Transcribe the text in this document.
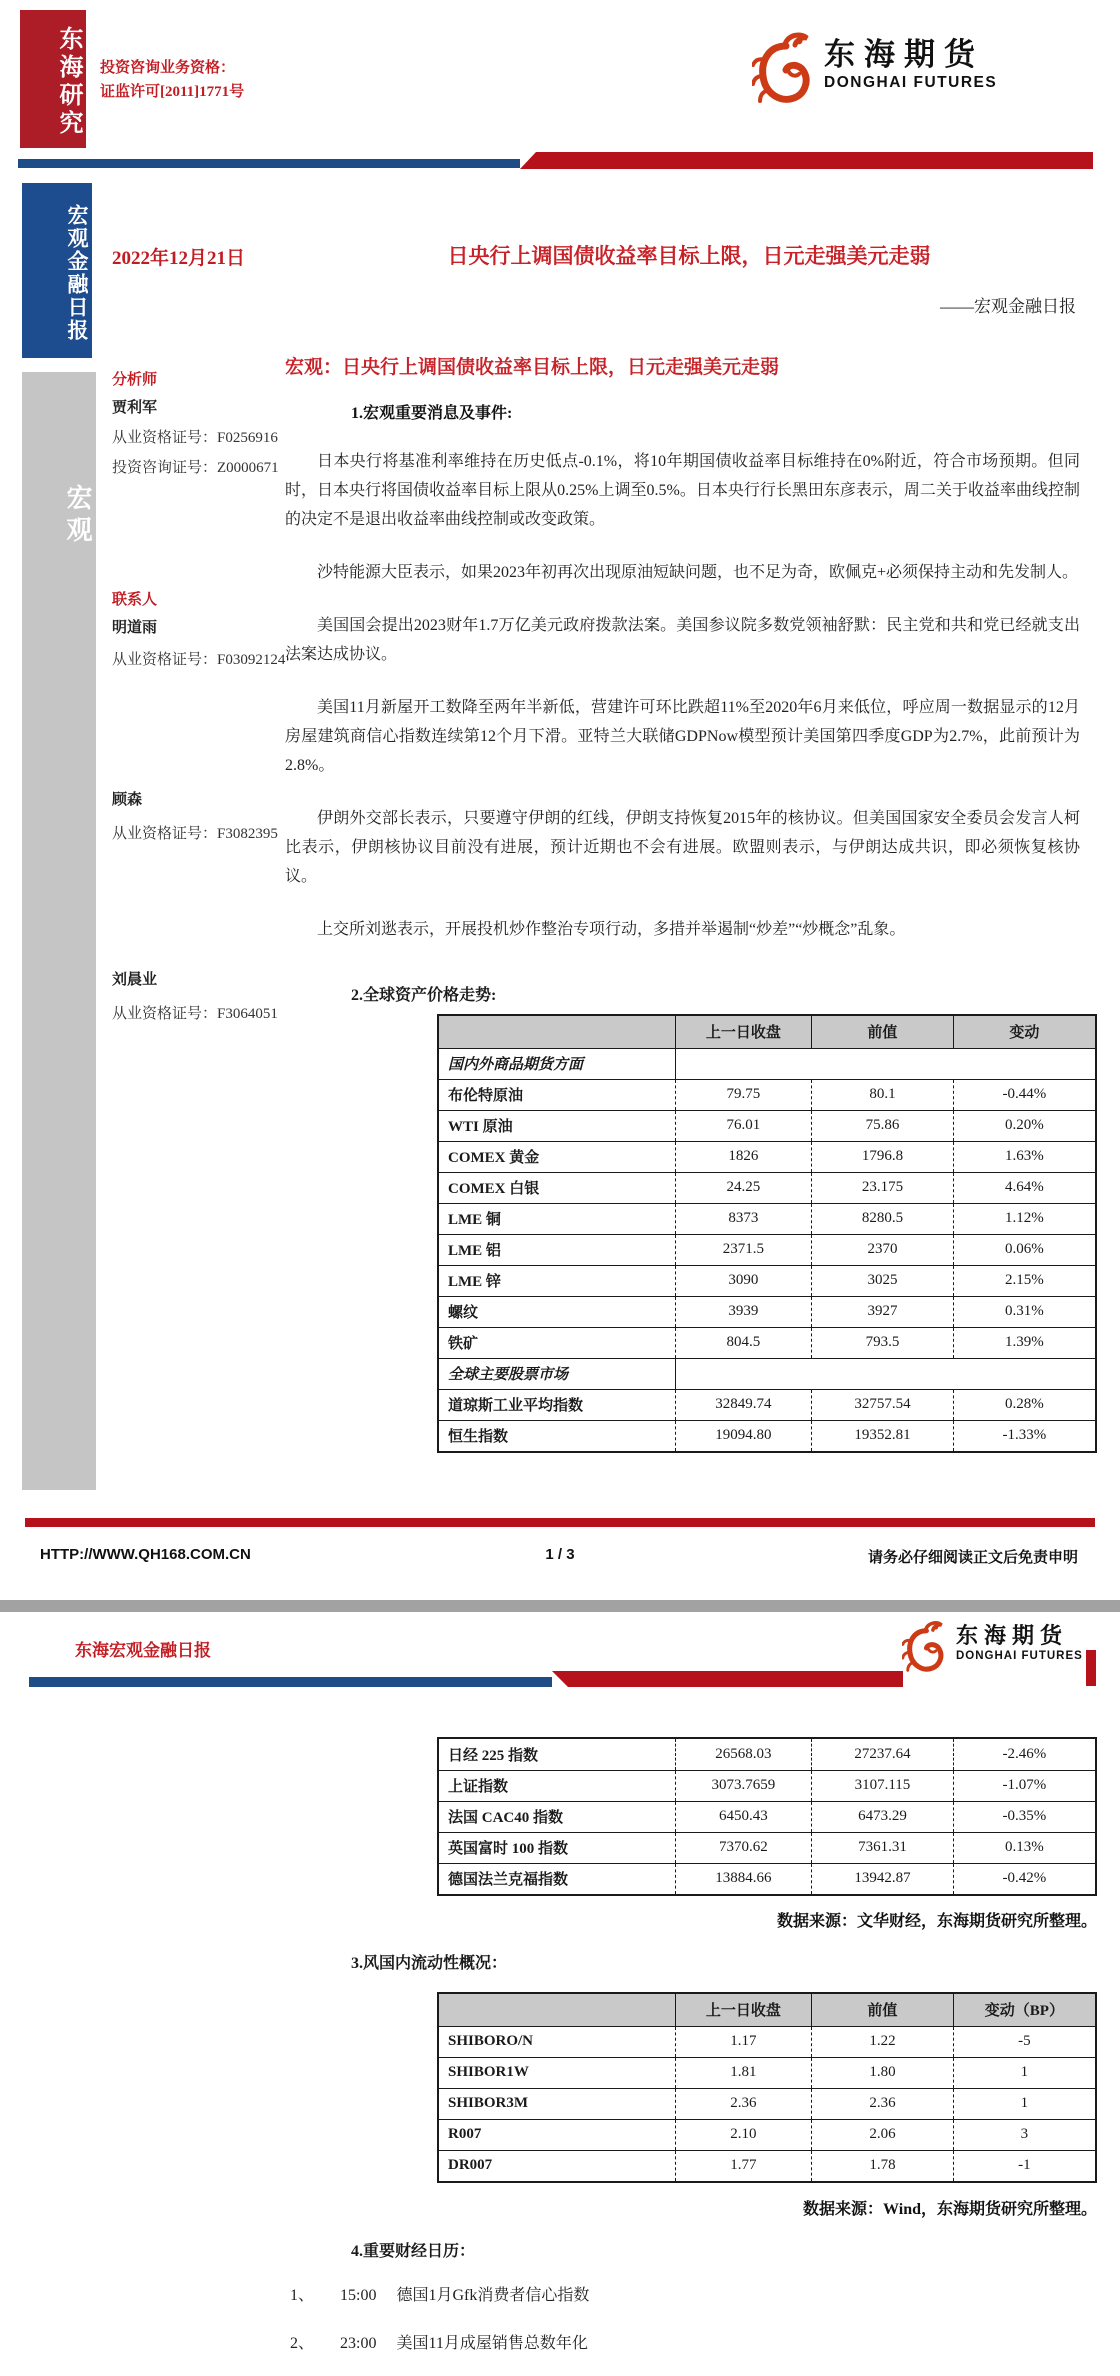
东海研究	投资咨询业务资格：
证监许可[2011]1771号
东海期货
DONGHAI FUTURES
宏观金融日报
宏观
2022年12月21日	日央行上调国债收益率目标上限，日元走强美元走弱
——宏观金融日报
宏观：日央行上调国债收益率目标上限，日元走强美元走弱
分析师
贾利军
从业资格证号：F0256916
投资咨询证号：Z0000671
联系人
明道雨
从业资格证号：F03092124
顾森
从业资格证号：F3082395
刘晨业
从业资格证号：F3064051
1.宏观重要消息及事件:

日本央行将基准利率维持在历史低点-0.1%，将10年期国债收益率目标维持在0%附近，符合市场预期。但同时，日本央行将国债收益率目标上限从0.25%上调至0.5%。日本央行行长黑田东彦表示，周二关于收益率曲线控制的决定不是退出收益率曲线控制或改变政策。

沙特能源大臣表示，如果2023年初再次出现原油短缺问题，也不足为奇，欧佩克+必须保持主动和先发制人。

美国国会提出2023财年1.7万亿美元政府拨款法案。美国参议院多数党领袖舒默：民主党和共和党已经就支出法案达成协议。

美国11月新屋开工数降至两年半新低，营建许可环比跌超11%至2020年6月来低位，呼应周一数据显示的12月房屋建筑商信心指数连续第12个月下滑。亚特兰大联储GDPNow模型预计美国第四季度GDP为2.7%，此前预计为2.8%。

伊朗外交部长表示，只要遵守伊朗的红线，伊朗支持恢复2015年的核协议。但美国国家安全委员会发言人柯比表示，伊朗核协议目前没有进展，预计近期也不会有进展。欧盟则表示，与伊朗达成共识，即必须恢复核协议。

上交所刘逖表示，开展投机炒作整治专项行动，多措并举遏制“炒差”“炒概念”乱象。

2.全球资产价格走势:
	上一日收盘	前值	变动
国内外商品期货方面			
布伦特原油	79.75	80.1	-0.44%
WTI 原油	76.01	75.86	0.20%
COMEX 黄金	1826	1796.8	1.63%
COMEX 白银	24.25	23.175	4.64%
LME 铜	8373	8280.5	1.12%
LME 铝	2371.5	2370	0.06%
LME 锌	3090	3025	2.15%
螺纹	3939	3927	0.31%
铁矿	804.5	793.5	1.39%
全球主要股票市场			
道琼斯工业平均指数	32849.74	32757.54	0.28%
恒生指数	19094.80	19352.81	-1.33%
HTTP://WWW.QH168.COM.CN	1 / 3	请务必仔细阅读正文后免责申明
东海宏观金融日报
东海期货
DONGHAI FUTURES
日经 225 指数	26568.03	27237.64	-2.46%
上证指数	3073.7659	3107.115	-1.07%
法国 CAC40 指数	6450.43	6473.29	-0.35%
英国富时 100 指数	7370.62	7361.31	0.13%
德国法兰克福指数	13884.66	13942.87	-0.42%
数据来源：文华财经，东海期货研究所整理。
3.风国内流动性概况：
	上一日收盘	前值	变动（BP）
SHIBORO/N	1.17	1.22	-5
SHIBOR1W	1.81	1.80	1
SHIBOR3M	2.36	2.36	1
R007	2.10	2.06	3
DR007	1.77	1.78	-1
数据来源：Wind，东海期货研究所整理。
4.重要财经日历：
1、 15:00 德国1月Gfk消费者信心指数
2、 23:00 美国11月成屋销售总数年化
